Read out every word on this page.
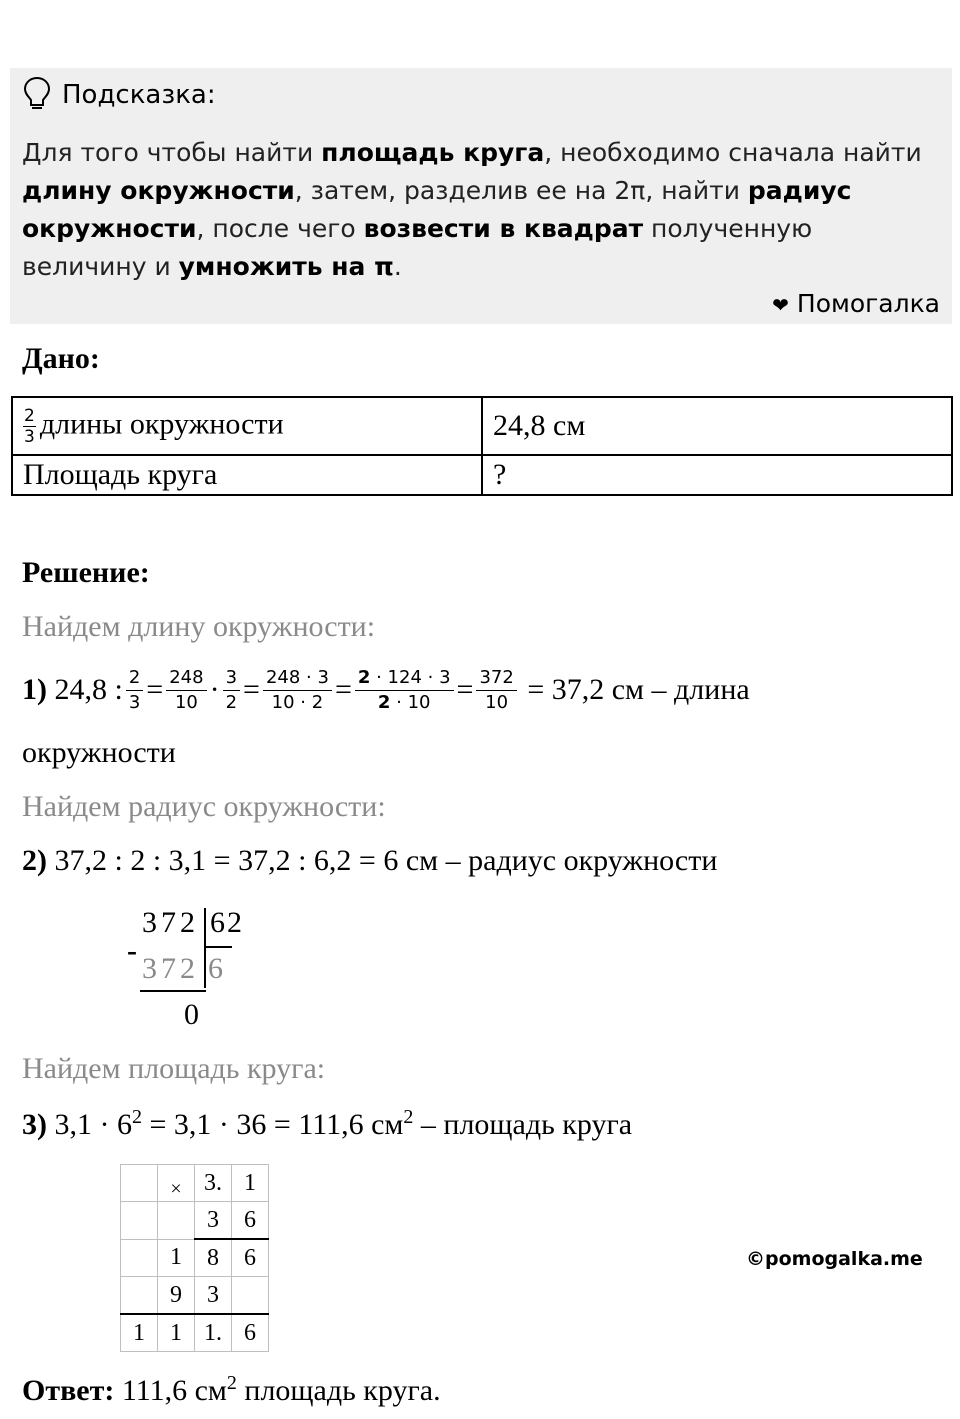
Подсказка:
Для того чтобы найти площадь круга, необходимо сначала найти длину окружности, затем, разделив ее на 2π, найти радиус окружности, после чего возвести в квадрат полученную величину и умножить на π.
❤ Помогалка
Дано:
$\frac{2}{3}$ длины окружности	24,8 см
Площадь круга	?
Решение:
Найдем длину окружности:
1)
24,8 : $\frac{2}{3} = \frac{248}{10} \cdot \frac{3}{2} = \frac{248 \cdot 3}{10 \cdot 2} = \frac{2 \cdot 124 \cdot 3}{2 \cdot 10} = \frac{372}{10}$
= 37,2 см – длина
окружности
Найдем радиус окружности:
2) 37,2 : 2 : 3,1 = 37,2 : 6,2 = 6 см – радиус окружности
372 62
-
372 6
0
Найдем площадь круга:
3) $3,1 \cdot 6^2 = 3,1 \cdot 36 = 111,6$ $см^2$ – площадь круга
	×	3.	1
		3	6
	1	8	6
	9	3	
1	1	1.	6
©pomogalka.me
Ответ: 111,6 $см^2$ площадь круга.
